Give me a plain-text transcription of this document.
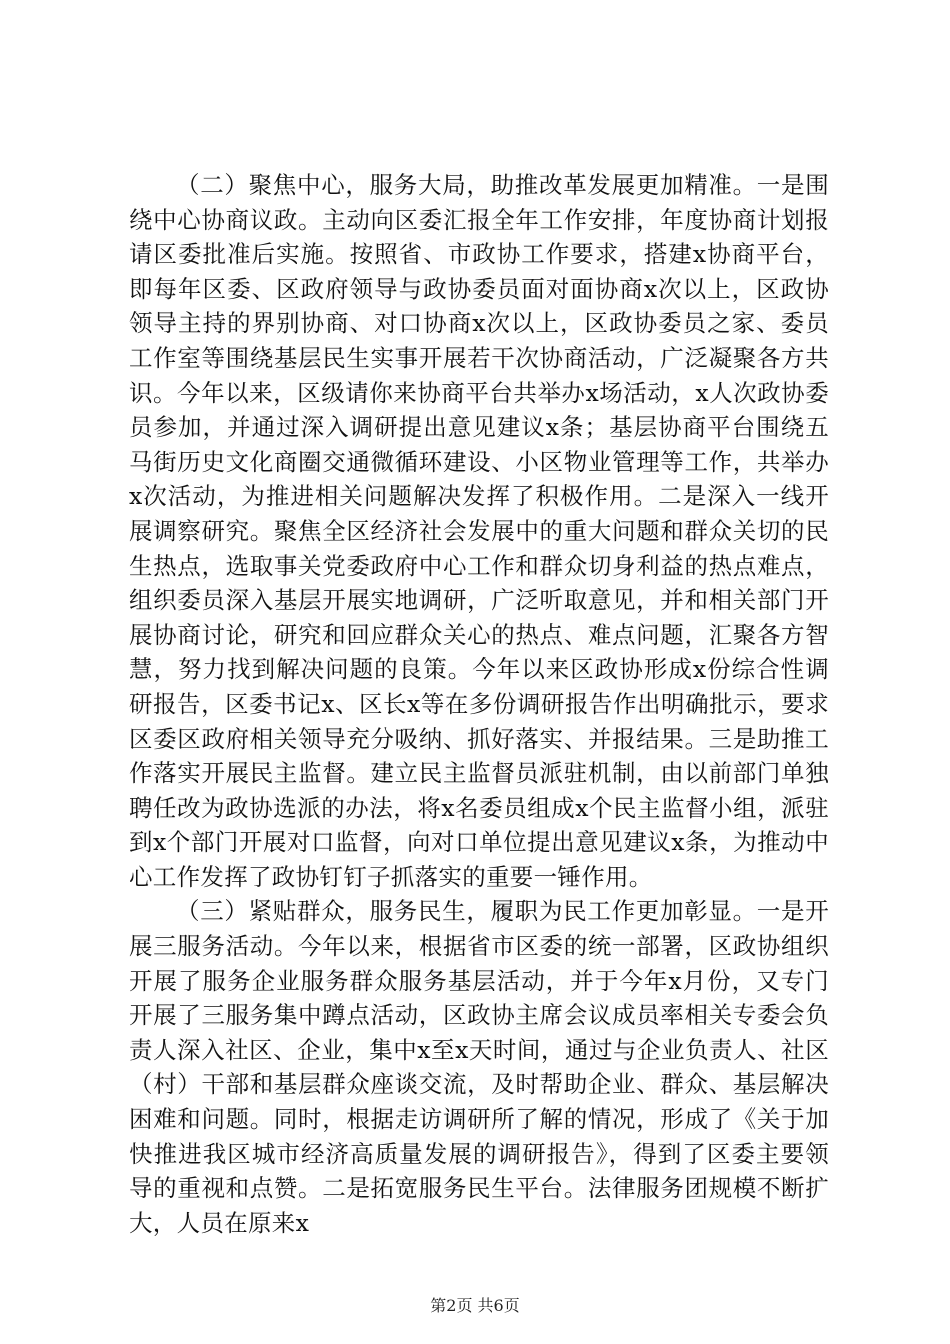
（二）聚焦中心，服务大局，助推改革发展更加精准。一是围绕中心协商议政。主动向区委汇报全年工作安排，年度协商计划报请区委批准后实施。按照省、市政协工作要求，搭建x协商平台，即每年区委、区政府领导与政协委员面对面协商x次以上，区政协领导主持的界别协商、对口协商x次以上，区政协委员之家、委员工作室等围绕基层民生实事开展若干次协商活动，广泛凝聚各方共识。今年以来，区级请你来协商平台共举办x场活动，x人次政协委员参加，并通过深入调研提出意见建议x条；基层协商平台围绕五马街历史文化商圈交通微循环建设、小区物业管理等工作，共举办x次活动，为推进相关问题解决发挥了积极作用。二是深入一线开展调察研究。聚焦全区经济社会发展中的重大问题和群众关切的民生热点，选取事关党委政府中心工作和群众切身利益的热点难点，组织委员深入基层开展实地调研，广泛听取意见，并和相关部门开展协商讨论，研究和回应群众关心的热点、难点问题，汇聚各方智慧，努力找到解决问题的良策。今年以来区政协形成x份综合性调研报告，区委书记x、区长x等在多份调研报告作出明确批示，要求区委区政府相关领导充分吸纳、抓好落实、并报结果。三是助推工作落实开展民主监督。建立民主监督员派驻机制，由以前部门单独聘任改为政协选派的办法，将x名委员组成x个民主监督小组，派驻到x个部门开展对口监督，向对口单位提出意见建议x条，为推动中心工作发挥了政协钉钉子抓落实的重要一锤作用。

（三）紧贴群众，服务民生，履职为民工作更加彰显。一是开展三服务活动。今年以来，根据省市区委的统一部署，区政协组织开展了服务企业服务群众服务基层活动，并于今年x月份，又专门开展了三服务集中蹲点活动，区政协主席会议成员率相关专委会负责人深入社区、企业，集中x至x天时间，通过与企业负责人、社区（村）干部和基层群众座谈交流，及时帮助企业、群众、基层解决困难和问题。同时，根据走访调研所了解的情况，形成了《关于加快推进我区城市经济高质量发展的调研报告》，得到了区委主要领导的重视和点赞。二是拓宽服务民生平台。法律服务团规模不断扩大，人员在原来x

第2页 共6页
